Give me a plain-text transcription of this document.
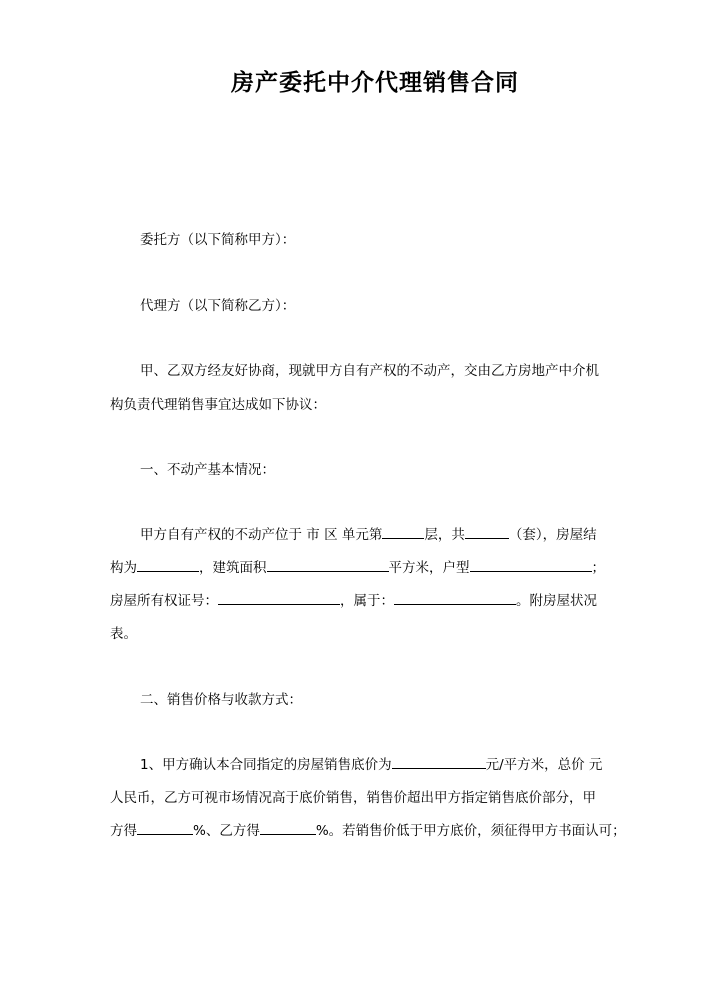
房产委托中介代理销售合同
委托方（以下简称甲方）：
代理方（以下简称乙方）：
甲、乙双方经友好协商，现就甲方自有产权的不动产，交由乙方房地产中介机
构负责代理销售事宜达成如下协议：
一、不动产基本情况：
甲方自有产权的不动产位于 市 区 单元第	层，共	（套），房屋结
构为	，建筑面积	平方米，户型	；
房屋所有权证号：	，属于：	。附房屋状况
表。
二、销售价格与收款方式：
1、甲方确认本合同指定的房屋销售底价为	元/平方米，总价 元
人民币，乙方可视市场情况高于底价销售，销售价超出甲方指定销售底价部分，甲
方得	%、乙方得	%。若销售价低于甲方底价，须征得甲方书面认可；
